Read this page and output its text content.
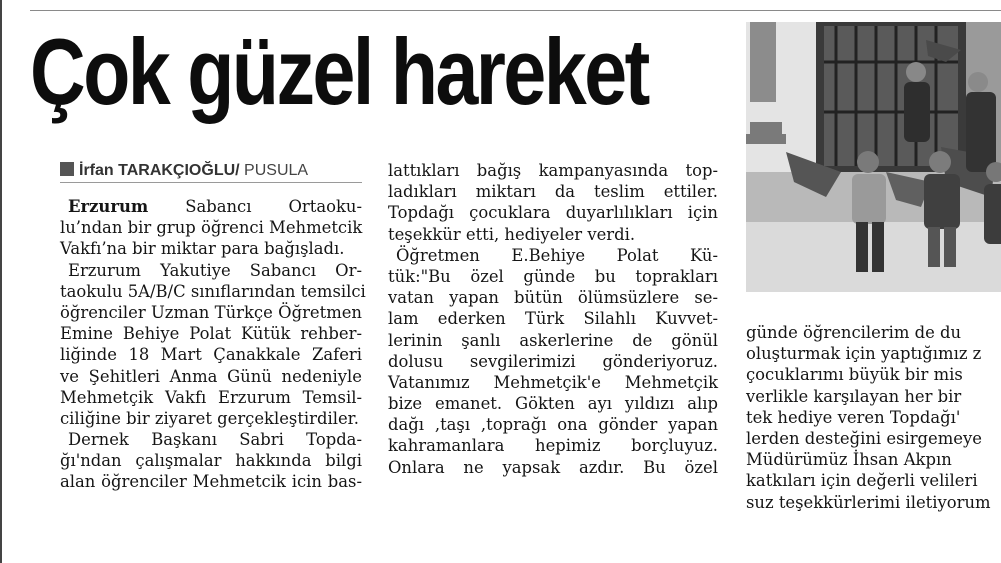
Çok güzel hareket
İrfan TARAKÇIOĞLU/ PUSULA
Erzurum Sabancı Ortaoku-
lu’ndan bir grup öğrenci Mehmetcik
Vakfı’na bir miktar para bağışladı.
Erzurum Yakutiye Sabancı Or-
taokulu 5A/B/C sınıflarından temsilci
öğrenciler Uzman Türkçe Öğretmen
Emine Behiye Polat Kütük rehber-
liğinde 18 Mart Çanakkale Zaferi
ve Şehitleri Anma Günü nedeniyle
Mehmetçik Vakfı Erzurum Temsil-
ciliğine bir ziyaret gerçekleştirdiler.
Dernek Başkanı Sabri Topda-
ğı'ndan çalışmalar hakkında bilgi
alan öğrenciler Mehmetcik icin bas-
lattıkları bağış kampanyasında top-
ladıkları miktarı da teslim ettiler.
Topdağı çocuklara duyarlılıkları için
teşekkür etti, hediyeler verdi.
Öğretmen E.Behiye Polat Kü-
tük:"Bu özel günde bu toprakları
vatan yapan bütün ölümsüzlere se-
lam ederken Türk Silahlı Kuvvet-
lerinin şanlı askerlerine de gönül
dolusu sevgilerimizi gönderiyoruz.
Vatanımız Mehmetçik'e Mehmetçik
bize emanet. Gökten ayı yıldızı alıp
dağı ,taşı ,toprağı ona gönder yapan
kahramanlara hepimiz borçluyuz.
Onlara ne yapsak azdır. Bu özel
günde öğrencilerim de du
oluşturmak için yaptığımız z
çocuklarımı büyük bir mis
verlikle karşılayan her bir
tek hediye veren Topdağı'
lerden desteğini esirgemeye
Müdürümüz İhsan Akpın
katkıları için değerli velileri
suz teşekkürlerimi iletiyorum
